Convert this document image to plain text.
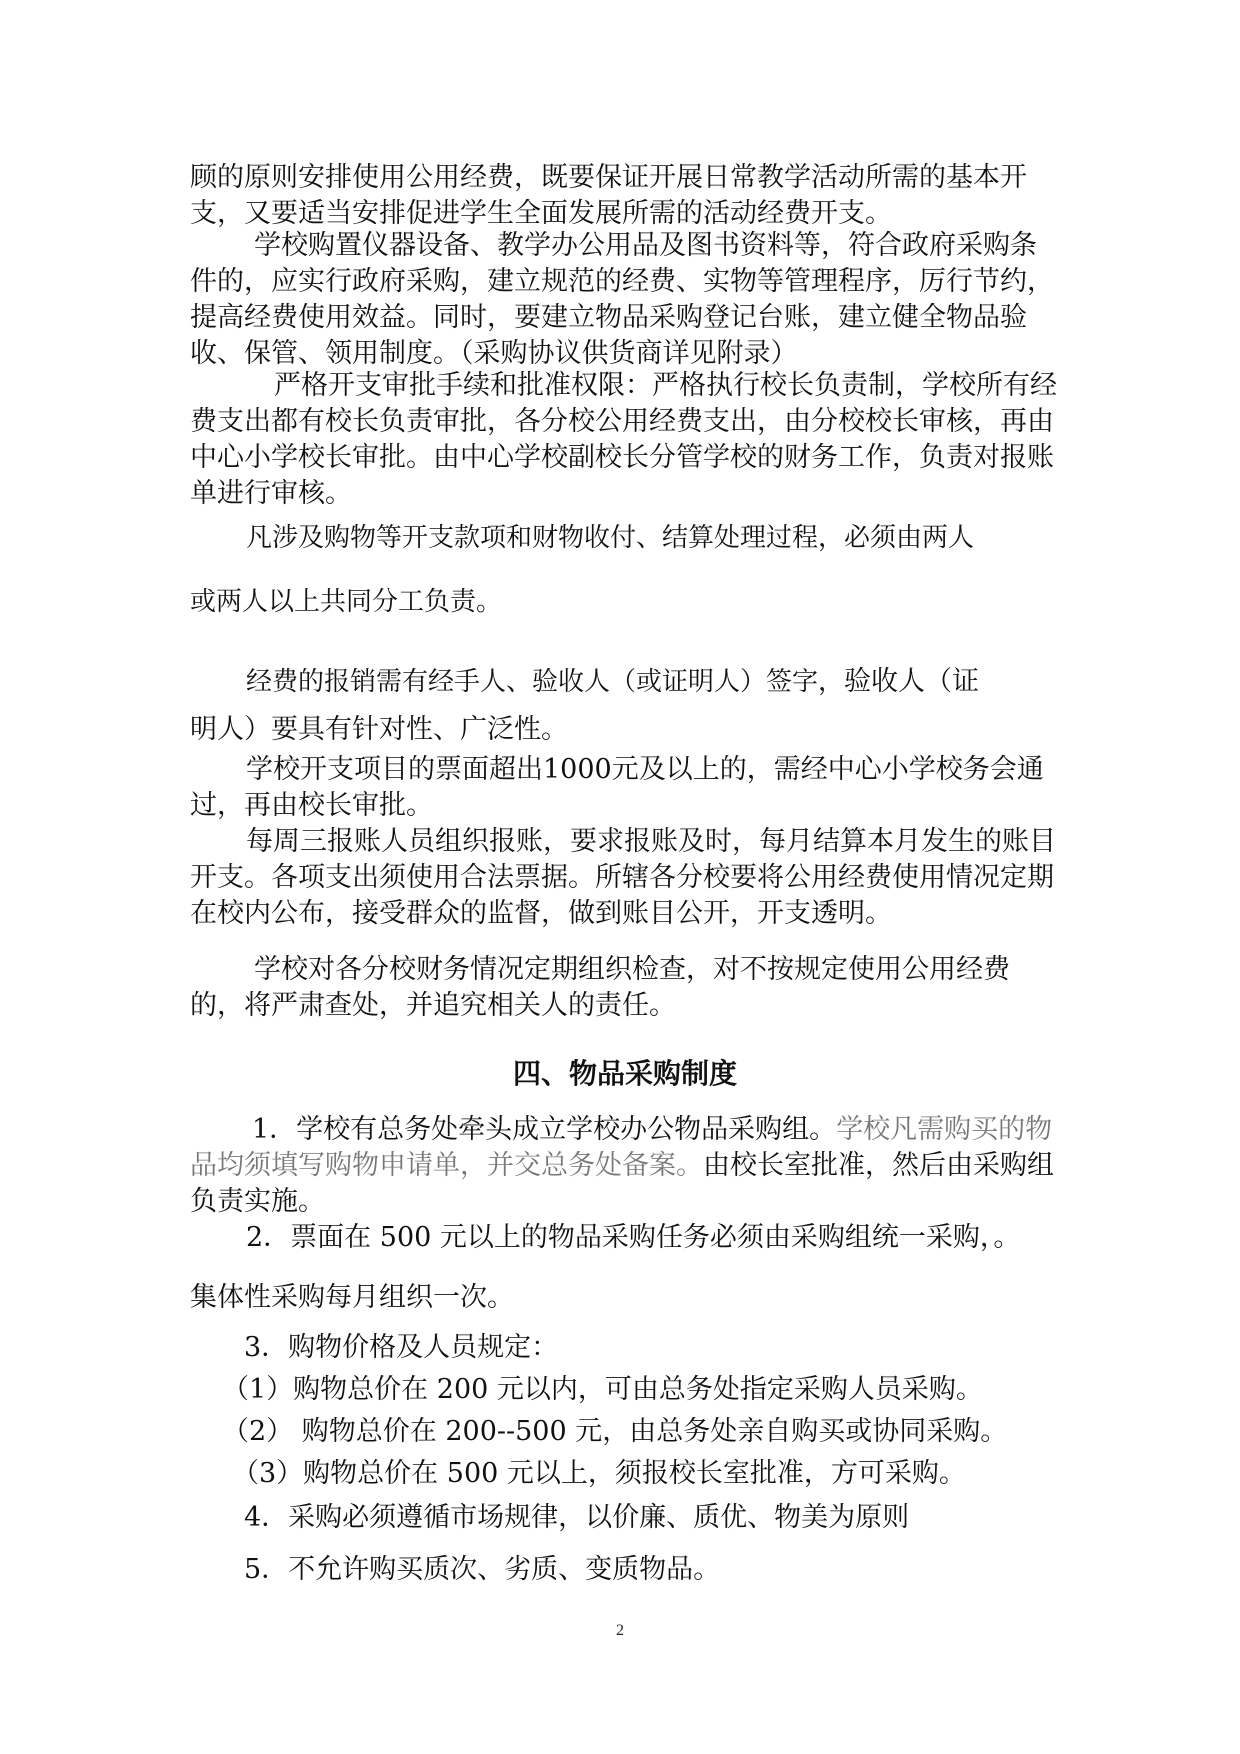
顾的原则安排使用公用经费，既要保证开展日常教学活动所需的基本开支，又要适当安排促进学生全面发展所需的活动经费开支。

学校购置仪器设备、教学办公用品及图书资料等，符合政府采购条件的，应实行政府采购，建立规范的经费、实物等管理程序，厉行节约，提高经费使用效益。同时，要建立物品采购登记台账，建立健全物品验收、保管、领用制度。（采购协议供货商详见附录）

严格开支审批手续和批准权限：严格执行校长负责制，学校所有经费支出都有校长负责审批，各分校公用经费支出，由分校校长审核，再由中心小学校长审批。由中心学校副校长分管学校的财务工作，负责对报账单进行审核。

凡涉及购物等开支款项和财物收付、结算处理过程，必须由两人

或两人以上共同分工负责。

经费的报销需有经手人、验收人（或证明人）签字，验收人（证

明人）要具有针对性、广泛性。

学校开支项目的票面超出1000元及以上的，需经中心小学校务会通过，再由校长审批。

每周三报账人员组织报账，要求报账及时，每月结算本月发生的账目开支。各项支出须使用合法票据。所辖各分校要将公用经费使用情况定期在校内公布，接受群众的监督，做到账目公开，开支透明。

学校对各分校财务情况定期组织检查，对不按规定使用公用经费的，将严肃查处，并追究相关人的责任。

四、物品采购制度

1．学校有总务处牵头成立学校办公物品采购组。学校凡需购买的物品均须填写购物申请单，并交总务处备案。由校长室批准，然后由采购组负责实施。

2．票面在 500 元以上的物品采购任务必须由采购组统一采购，。

集体性采购每月组织一次。

3．购物价格及人员规定：

（1）购物总价在 200 元以内，可由总务处指定采购人员采购。

（2） 购物总价在 200--500 元，由总务处亲自购买或协同采购。

（3）购物总价在 500 元以上，须报校长室批准，方可采购。

4．采购必须遵循市场规律，以价廉、质优、物美为原则

5．不允许购买质次、劣质、变质物品。

2
